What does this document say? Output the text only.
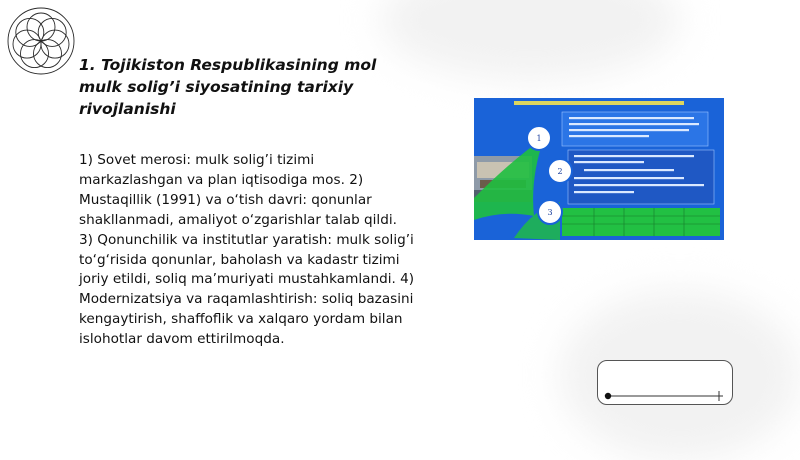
1. Tojikiston Respublikasining mol mulk solig’i siyosatining tarixiy rivojlanishi

1) Sovet merosi: mulk solig’i tizimi markazlashgan va plan iqtisodiga mos. 2) Mustaqillik (1991) va o‘tish davri: qonunlar shakllanmadi, amaliyot o‘zgarishlar talab qildi. 3) Qonunchilik va institutlar yaratish: mulk solig’i to‘g‘risida qonunlar, baholash va kadastr tizimi joriy etildi, soliq ma’muriyati mustahkamlandi. 4) Modernizatsiya va raqamlashtirish: soliq bazasini kengaytirish, shaffoflik va xalqaro yordam bilan islohotlar davom ettirilmoqda.

1
2
3
